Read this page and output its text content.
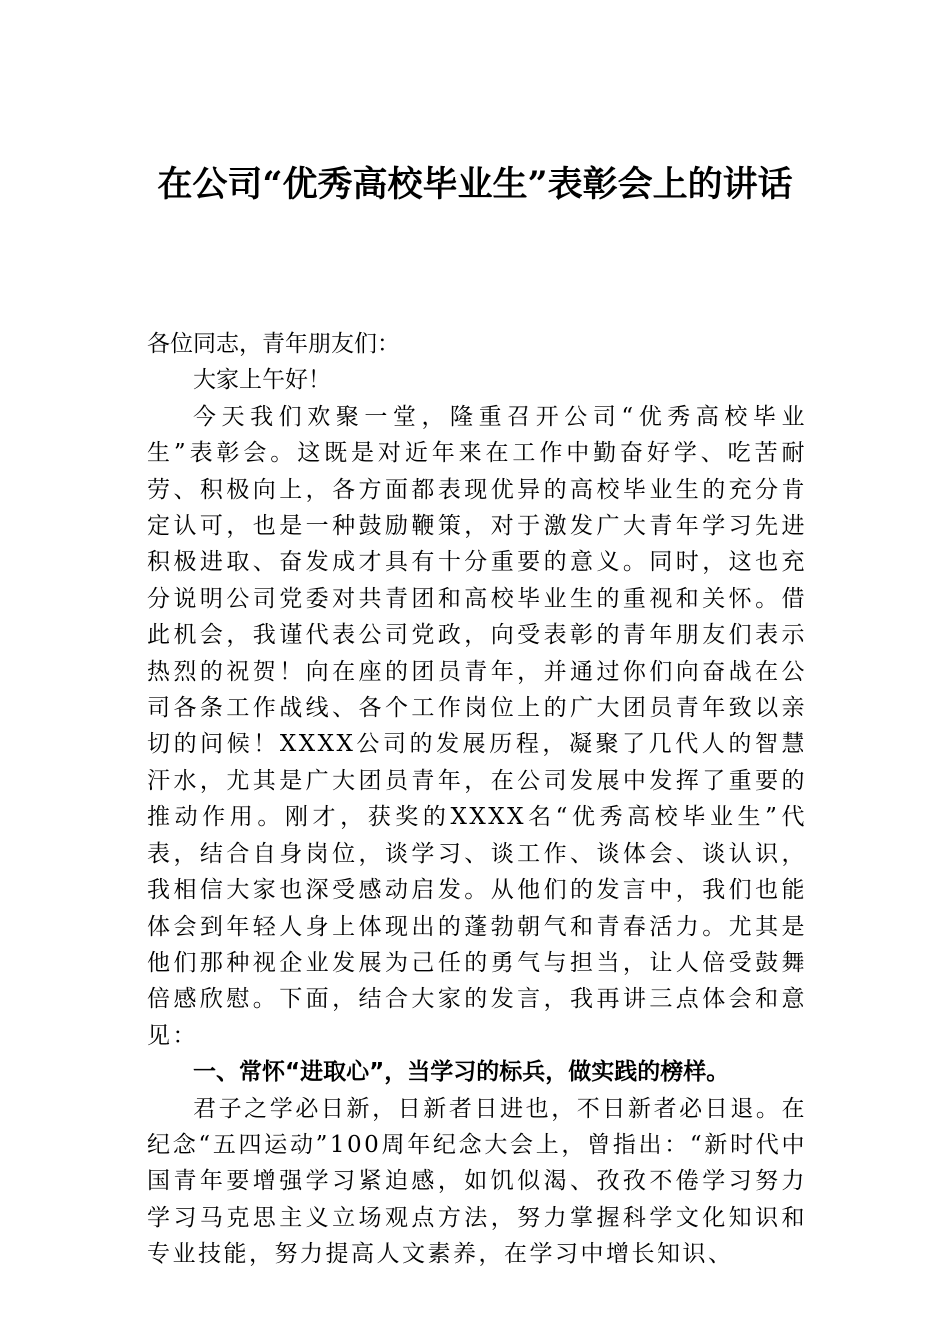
在公司“优秀高校毕业生”表彰会上的讲话

各位同志，青年朋友们：

大家上午好！

今天我们欢聚一堂，隆重召开公司“优秀高校毕业生”表彰会。这既是对近年来在工作中勤奋好学、吃苦耐劳、积极向上，各方面都表现优异的高校毕业生的充分肯定认可，也是一种鼓励鞭策，对于激发广大青年学习先进积极进取、奋发成才具有十分重要的意义。同时，这也充分说明公司党委对共青团和高校毕业生的重视和关怀。借此机会，我谨代表公司党政，向受表彰的青年朋友们表示热烈的祝贺！向在座的团员青年，并通过你们向奋战在公司各条工作战线、各个工作岗位上的广大团员青年致以亲切的问候！XXXX公司的发展历程，凝聚了几代人的智慧汗水，尤其是广大团员青年，在公司发展中发挥了重要的推动作用。刚才，获奖的XXXX名“优秀高校毕业生”代表，结合自身岗位，谈学习、谈工作、谈体会、谈认识，我相信大家也深受感动启发。从他们的发言中，我们也能体会到年轻人身上体现出的蓬勃朝气和青春活力。尤其是他们那种视企业发展为己任的勇气与担当，让人倍受鼓舞倍感欣慰。下面，结合大家的发言，我再讲三点体会和意见：

一、常怀“进取心”，当学习的标兵，做实践的榜样。

君子之学必日新，日新者日进也，不日新者必日退。在纪念“五四运动”100周年纪念大会上，曾指出：“新时代中国青年要增强学习紧迫感，如饥似渴、孜孜不倦学习努力学习马克思主义立场观点方法，努力掌握科学文化知识和专业技能，努力提高人文素养，在学习中增长知识、
